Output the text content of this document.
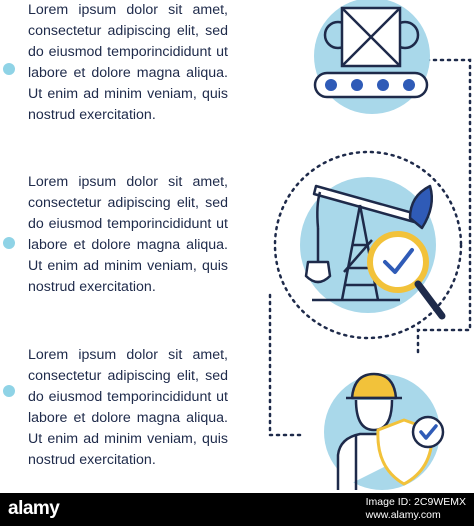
Lorem ipsum dolor sit amet, consectetur adipiscing elit, sed do eiusmod temporincididunt ut labore et dolore magna aliqua. Ut enim ad minim veniam, quis nostrud exercitation.

Lorem ipsum dolor sit amet, consectetur adipiscing elit, sed do eiusmod temporincididunt ut labore et dolore magna aliqua. Ut enim ad minim veniam, quis nostrud exercitation.

Lorem ipsum dolor sit amet, consectetur adipiscing elit, sed do eiusmod temporincididunt ut labore et dolore magna aliqua. Ut enim ad minim veniam, quis nostrud exercitation.

alamy	Image ID: 2C9WEMX
www.alamy.com
